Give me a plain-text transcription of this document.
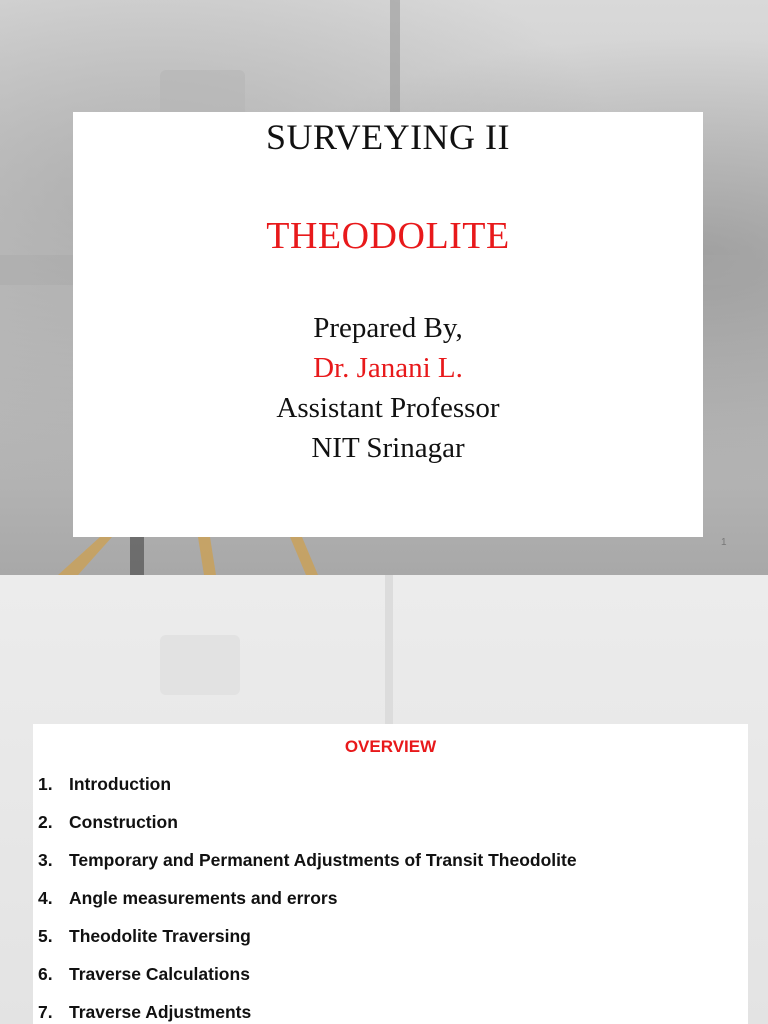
SURVEYING II
THEODOLITE
Prepared By,
Dr. Janani L.
Assistant Professor
NIT Srinagar
1
OVERVIEW
1. Introduction
2. Construction
3. Temporary and Permanent Adjustments of Transit Theodolite
4. Angle measurements and errors
5. Theodolite Traversing
6. Traverse Calculations
7. Traverse Adjustments
